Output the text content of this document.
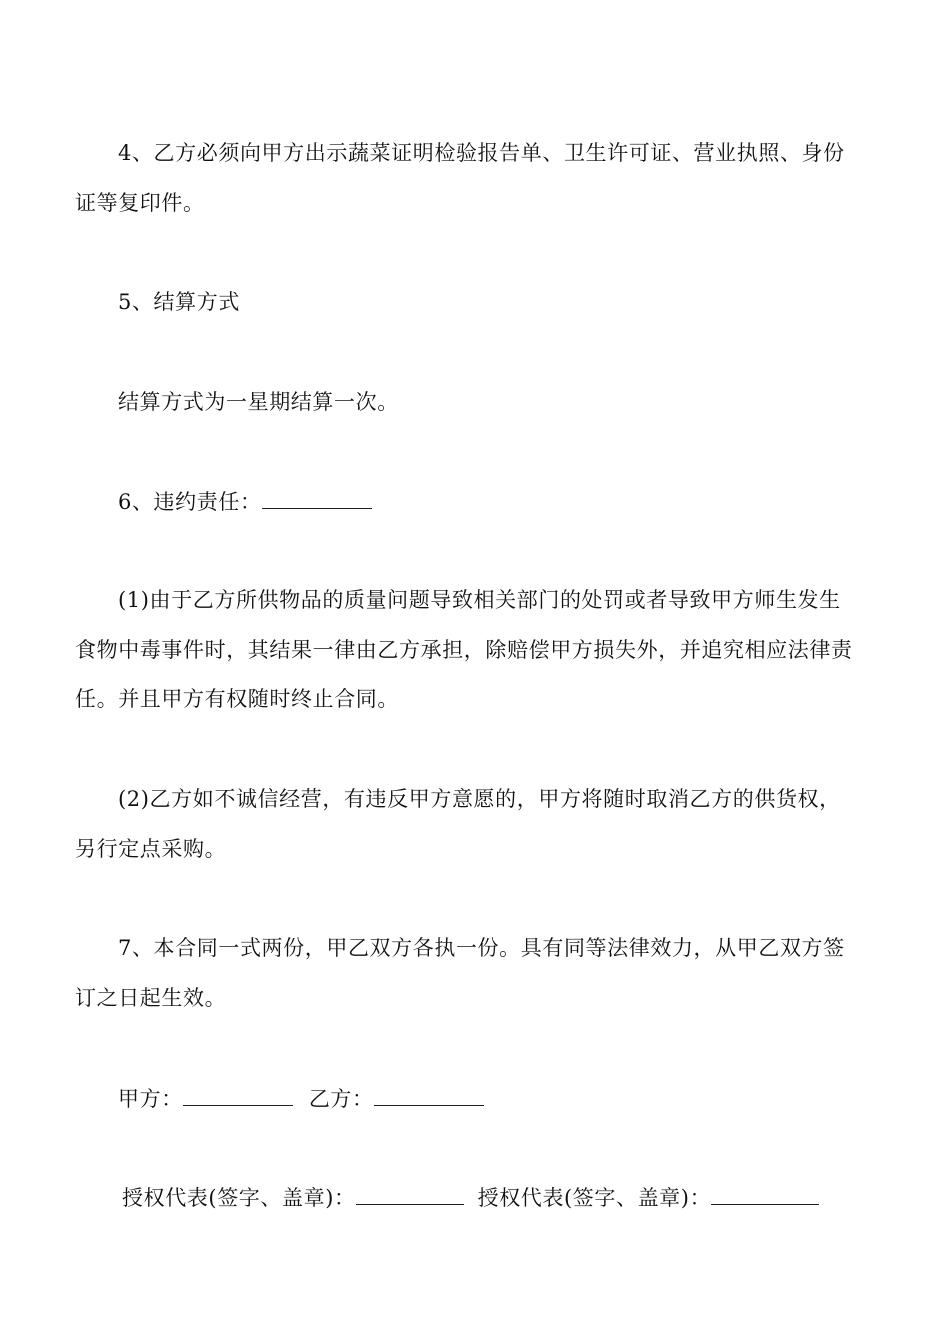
4、乙方必须向甲方出示蔬菜证明检验报告单、卫生许可证、营业执照、身份
证等复印件。
5、结算方式
结算方式为一星期结算一次。
6、违约责任：
(1)由于乙方所供物品的质量问题导致相关部门的处罚或者导致甲方师生发生
食物中毒事件时，其结果一律由乙方承担，除赔偿甲方损失外，并追究相应法律责
任。并且甲方有权随时终止合同。
(2)乙方如不诚信经营，有违反甲方意愿的，甲方将随时取消乙方的供货权，
另行定点采购。
7、本合同一式两份，甲乙双方各执一份。具有同等法律效力，从甲乙双方签
订之日起生效。
甲方：	乙方：
授权代表(签字、盖章)：	授权代表(签字、盖章)：
